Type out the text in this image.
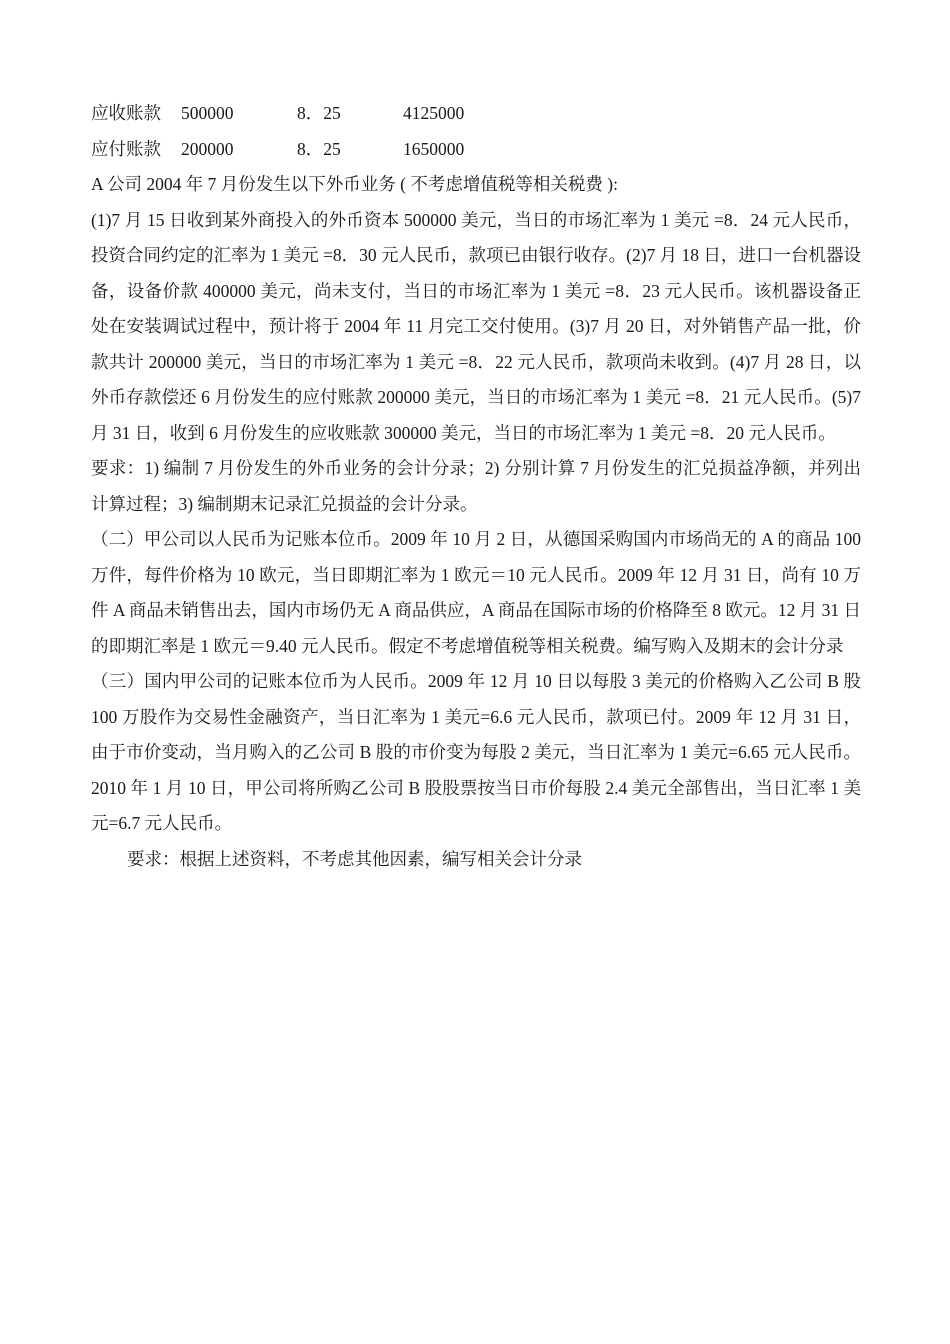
应收账款	500000	8．25	4125000
应付账款	200000	8．25	1650000

A 公司 2004 年 7 月份发生以下外币业务 ( 不考虑增值税等相关税费 ):

(1)7 月 15 日收到某外商投入的外币资本 500000 美元，当日的市场汇率为 1 美元 =8．24 元人民币，投资合同约定的汇率为 1 美元 =8．30 元人民币，款项已由银行收存。(2)7 月 18 日，进口一台机器设备，设备价款 400000 美元，尚未支付，当日的市场汇率为 1 美元 =8．23 元人民币。该机器设备正处在安装调试过程中，预计将于 2004 年 11 月完工交付使用。(3)7 月 20 日，对外销售产品一批，价款共计 200000 美元，当日的市场汇率为 1 美元 =8．22 元人民币，款项尚未收到。(4)7 月 28 日，以外币存款偿还 6 月份发生的应付账款 200000 美元，当日的市场汇率为 1 美元 =8．21 元人民币。(5)7 月 31 日，收到 6 月份发生的应收账款 300000 美元，当日的市场汇率为 1 美元 =8．20 元人民币。

要求：1) 编制 7 月份发生的外币业务的会计分录；2) 分别计算 7 月份发生的汇兑损益净额，并列出计算过程；3) 编制期末记录汇兑损益的会计分录。

（二）甲公司以人民币为记账本位币。2009 年 10 月 2 日，从德国采购国内市场尚无的 A 的商品 100 万件，每件价格为 10 欧元，当日即期汇率为 1 欧元＝10 元人民币。2009 年 12 月 31 日，尚有 10 万件 A 商品未销售出去，国内市场仍无 A 商品供应，A 商品在国际市场的价格降至 8 欧元。12 月 31 日的即期汇率是 1 欧元＝9.40 元人民币。假定不考虑增值税等相关税费。编写购入及期末的会计分录

（三）国内甲公司的记账本位币为人民币。2009 年 12 月 10 日以每股 3 美元的价格购入乙公司 B 股 100 万股作为交易性金融资产，当日汇率为 1 美元=6.6 元人民币，款项已付。2009 年 12 月 31 日，由于市价变动，当月购入的乙公司 B 股的市价变为每股 2 美元，当日汇率为 1 美元=6.65 元人民币。2010 年 1 月 10 日，甲公司将所购乙公司 B 股股票按当日市价每股 2.4 美元全部售出，当日汇率 1 美元=6.7 元人民币。

要求：根据上述资料，不考虑其他因素，编写相关会计分录
